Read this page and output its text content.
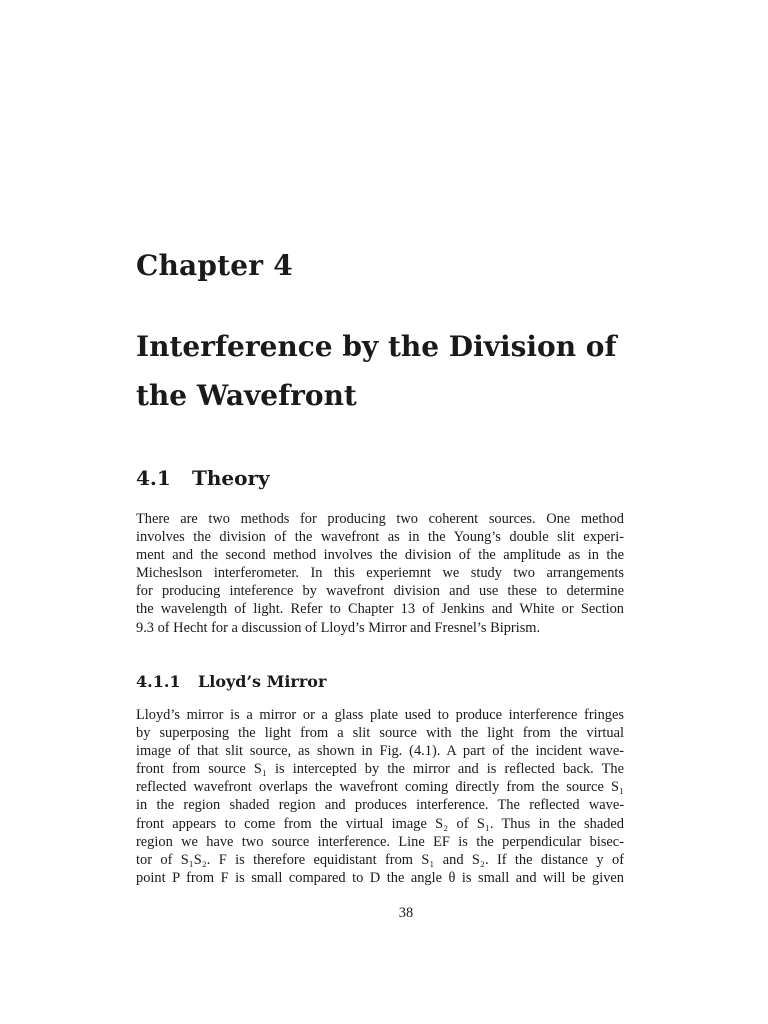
Chapter 4
Interference by the Division of
the Wavefront
4.1 Theory

There are two methods for producing two coherent sources. One method
involves the division of the wavefront as in the Young’s double slit experi-
ment and the second method involves the division of the amplitude as in the
Micheslson interferometer. In this experiemnt we study two arrangements
for producing inteference by wavefront division and use these to determine
the wavelength of light. Refer to Chapter 13 of Jenkins and White or Section
9.3 of Hecht for a discussion of Lloyd’s Mirror and Fresnel’s Biprism.

4.1.1 Lloyd’s Mirror

Lloyd’s mirror is a mirror or a glass plate used to produce interference fringes
by superposing the light from a slit source with the light from the virtual
image of that slit source, as shown in Fig. (4.1). A part of the incident wave-
front from source S₁ is intercepted by the mirror and is reflected back. The
reflected wavefront overlaps the wavefront coming directly from the source S₁
in the region shaded region and produces interference. The reflected wave-
front appears to come from the virtual image S₂ of S₁. Thus in the shaded
region we have two source interference. Line EF is the perpendicular bisec-
tor of S₁S₂. F is therefore equidistant from S₁ and S₂. If the distance y of
point P from F is small compared to D the angle θ is small and will be given

38
